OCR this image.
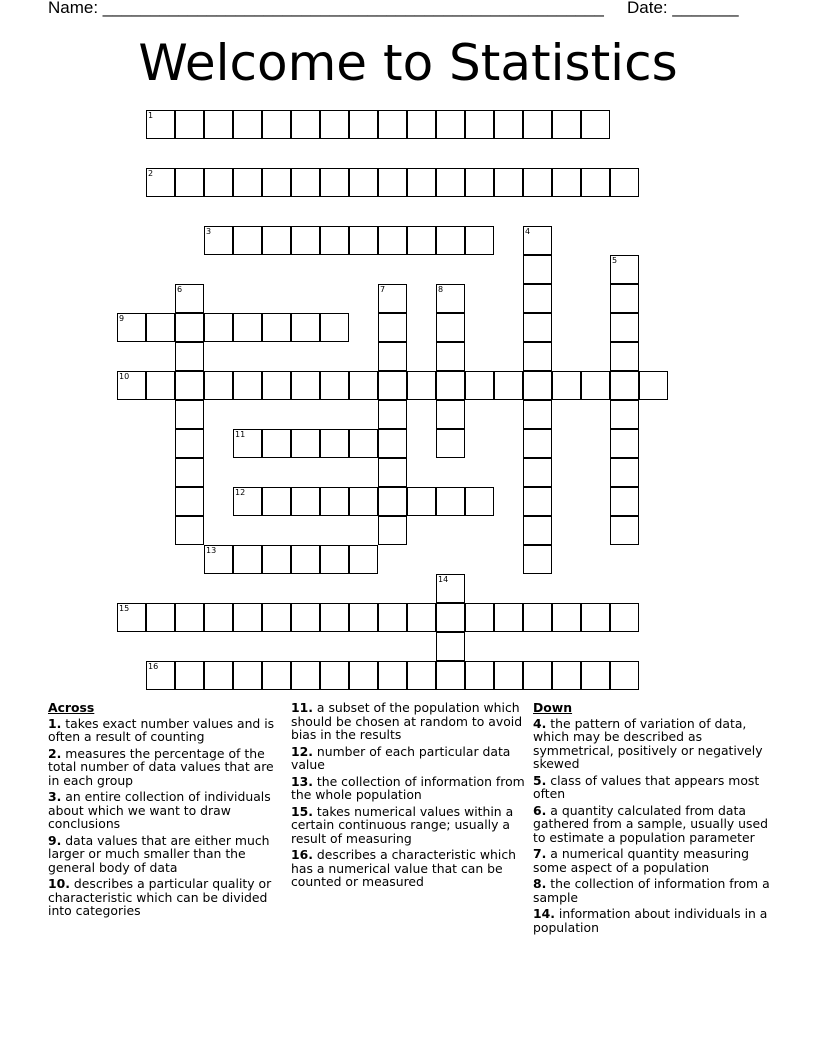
Name: _____________________________________________________ Date: _______
Welcome to Statistics
1
2
3	4
5
6	7	8
9
10
11
12
13
14
15
16
Across
1. takes exact number values and is often a result of counting
2. measures the percentage of the total number of data values that are in each group
3. an entire collection of individuals about which we want to draw conclusions
9. data values that are either much larger or much smaller than the general body of data
10. describes a particular quality or characteristic which can be divided into categories
11. a subset of the population which should be chosen at random to avoid bias in the results
12. number of each particular data value
13. the collection of information from the whole population
15. takes numerical values within a certain continuous range; usually a result of measuring
16. describes a characteristic which has a numerical value that can be counted or measured
Down
4. the pattern of variation of data, which may be described as symmetrical, positively or negatively skewed
5. class of values that appears most often
6. a quantity calculated from data gathered from a sample, usually used to estimate a population parameter
7. a numerical quantity measuring some aspect of a population
8. the collection of information from a sample
14. information about individuals in a population
